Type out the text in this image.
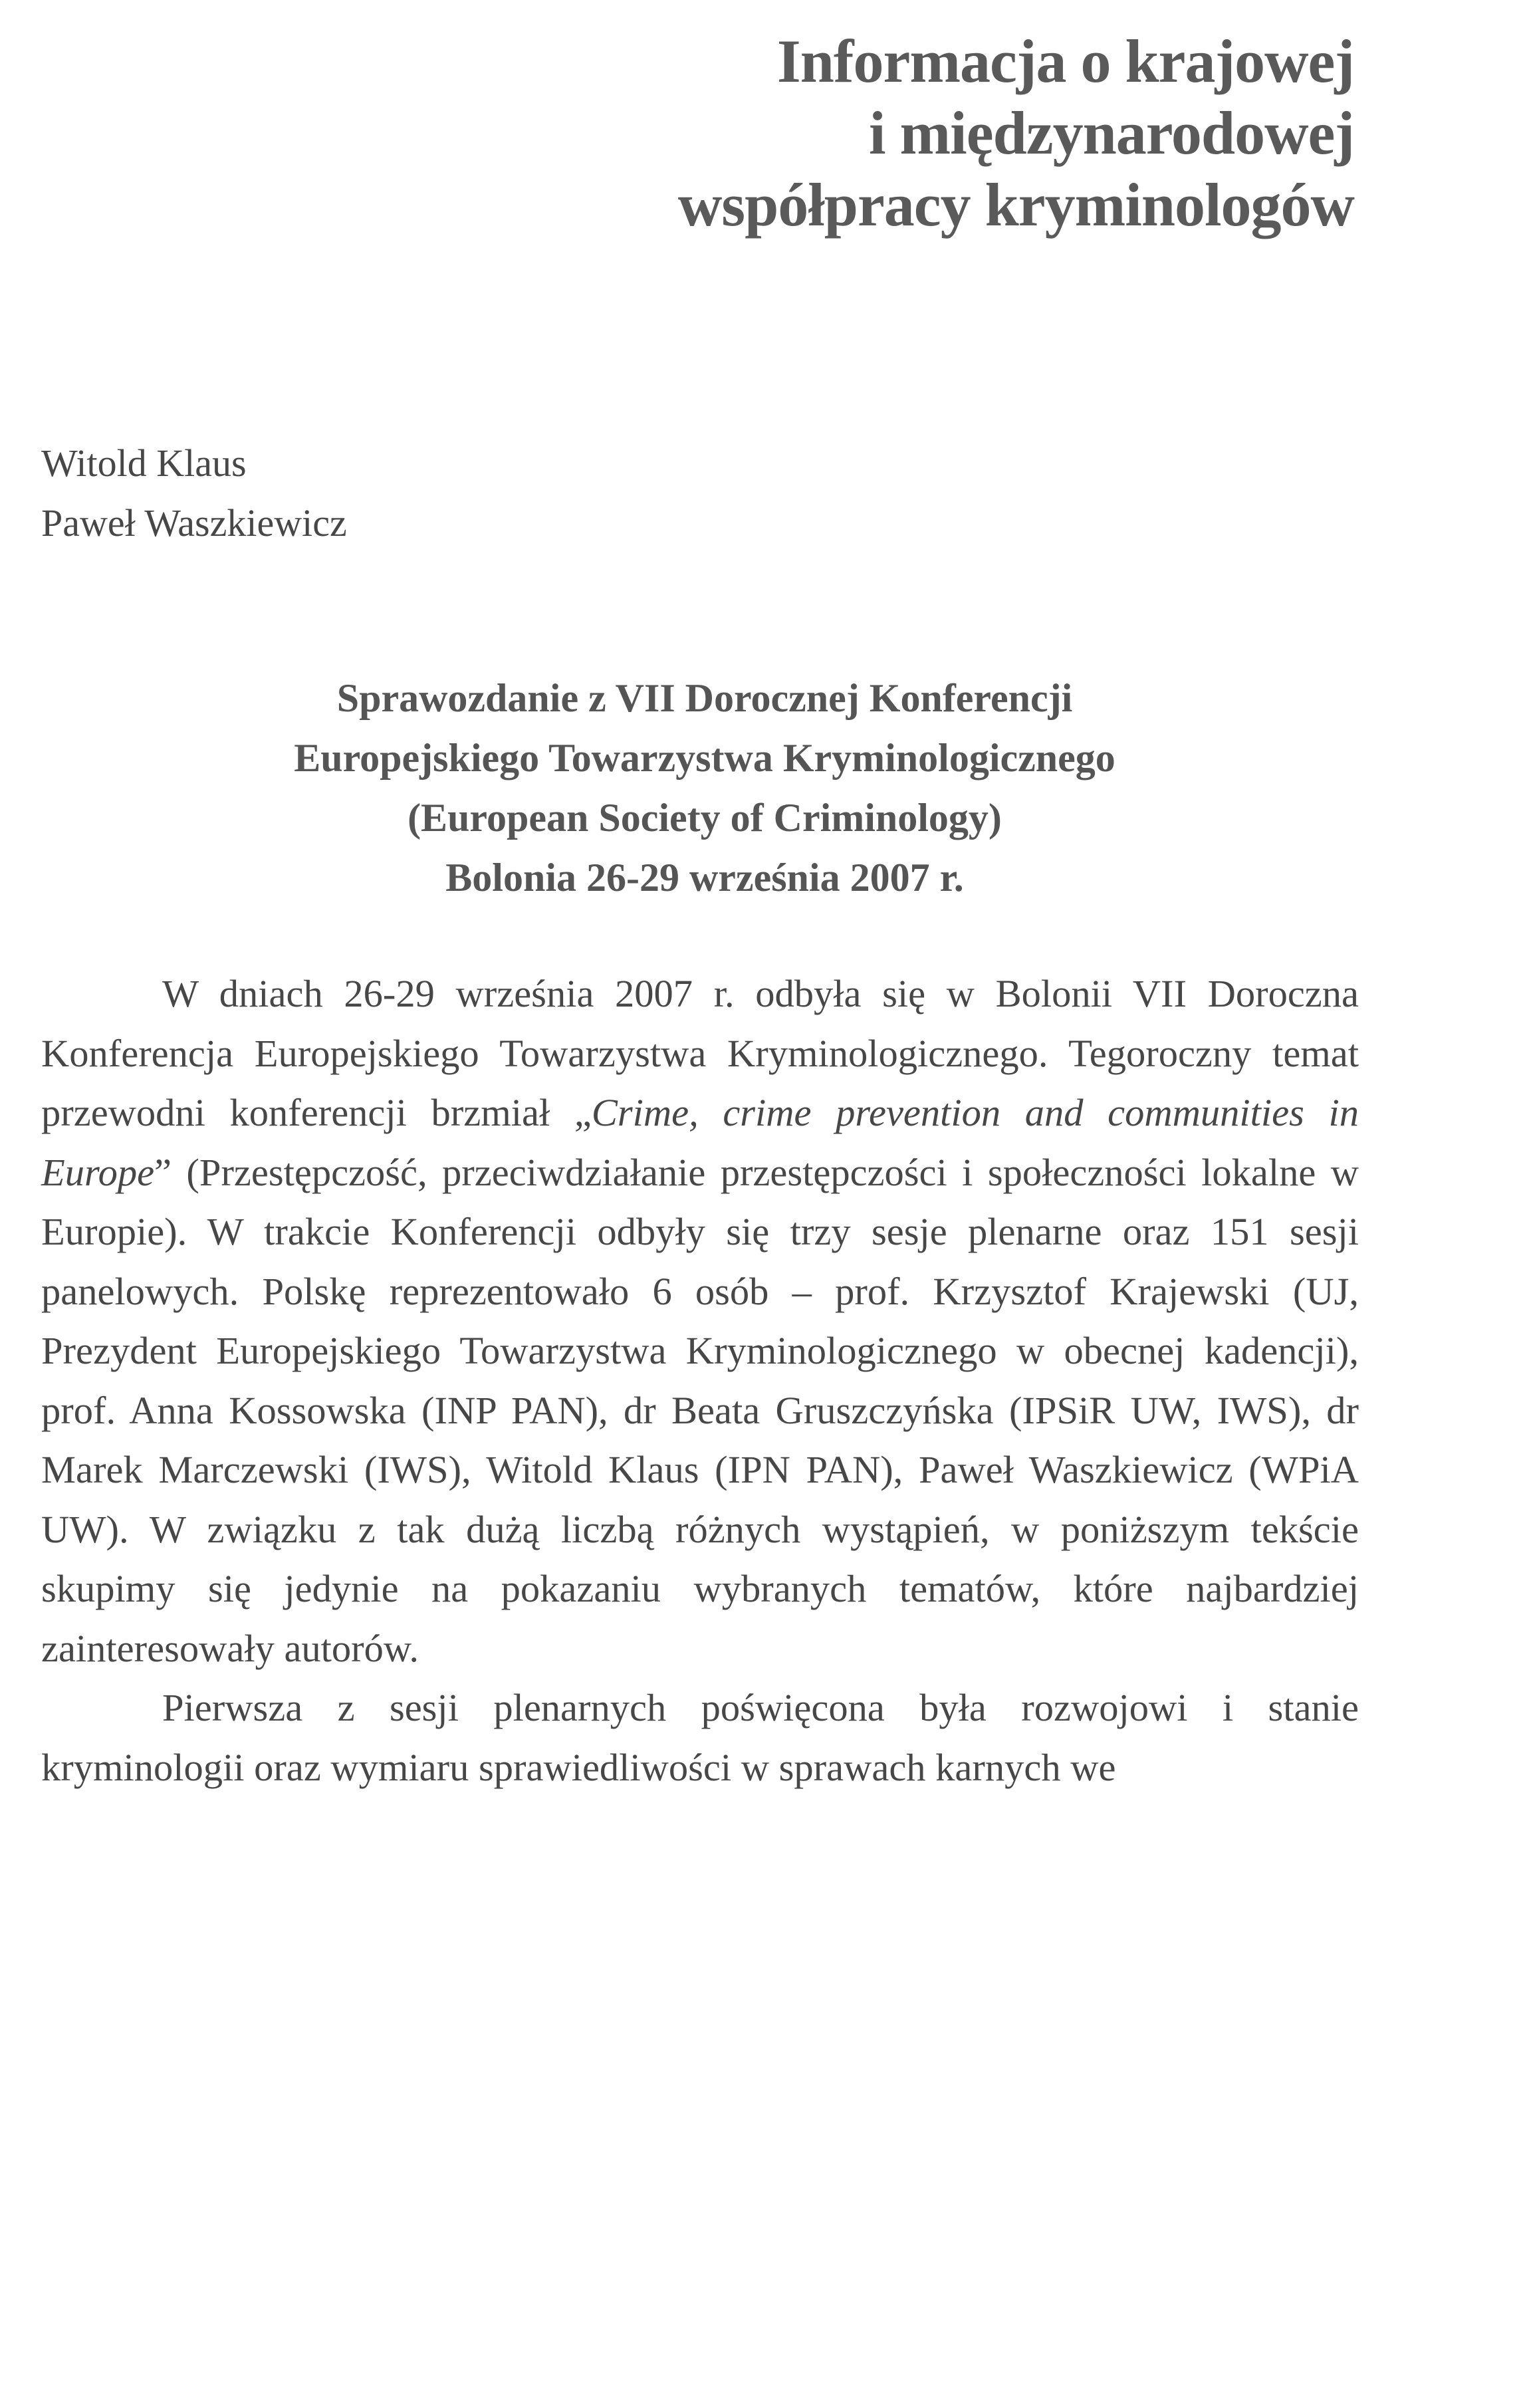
Informacja o krajowej
i międzynarodowej
współpracy kryminologów
Witold Klaus
Paweł Waszkiewicz
Sprawozdanie z VII Dorocznej Konferencji
Europejskiego Towarzystwa Kryminologicznego
(European Society of Criminology)
Bolonia 26-29 września 2007 r.

W dniach 26-29 września 2007 r. odbyła się w Bolonii VII Doroczna Konferencja Europejskiego Towarzystwa Kryminologicznego. Tegoroczny temat przewodni konferencji brzmiał „Crime, crime prevention and communities in Europe” (Przestępczość, przeciwdziałanie przestępczości i społeczności lokalne w Europie). W trakcie Konferencji odbyły się trzy sesje plenarne oraz 151 sesji panelowych. Polskę reprezentowało 6 osób – prof. Krzysztof Krajewski (UJ, Prezydent Europejskiego Towarzystwa Kryminologicznego w obecnej kadencji), prof. Anna Kossowska (INP PAN), dr Beata Gruszczyńska (IPSiR UW, IWS), dr Marek Marczewski (IWS), Witold Klaus (IPN PAN), Paweł Waszkiewicz (WPiA UW). W związku z tak dużą liczbą różnych wystąpień, w poniższym tekście skupimy się jedynie na pokazaniu wybranych tematów, które najbardziej zainteresowały autorów.

Pierwsza z sesji plenarnych poświęcona była rozwojowi i stanie kryminologii oraz wymiaru sprawiedliwości w sprawach karnych we
